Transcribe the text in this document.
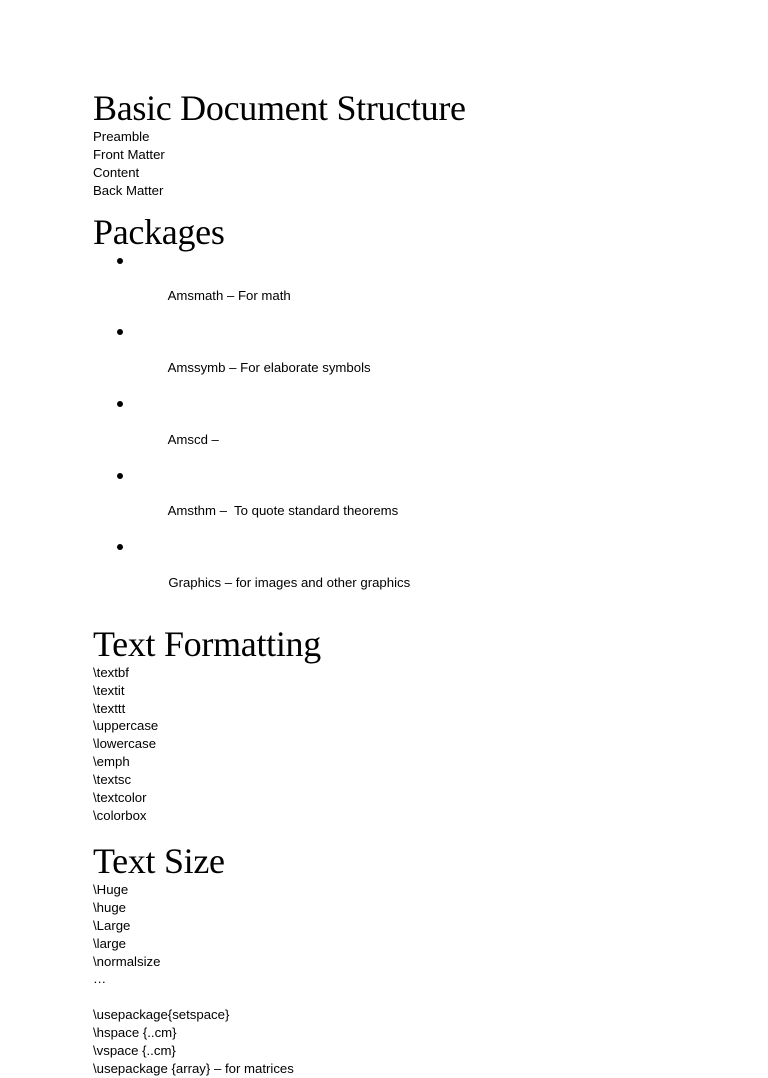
Basic Document Structure

Preamble

Front Matter

Content

Back Matter

Packages

Amsmath – For math

Amssymb – For elaborate symbols

Amscd –

Amsthm –  To quote standard theorems

Graphics – for images and other graphics

Text Formatting

\textbf

\textit

\texttt

\uppercase

\lowercase

\emph

\textsc

\textcolor

\colorbox

Text Size

\Huge

\huge

\Large

\large

\normalsize

…

\usepackage{setspace}

\hspace {..cm}

\vspace {..cm}

\usepackage {array} – for matrices
